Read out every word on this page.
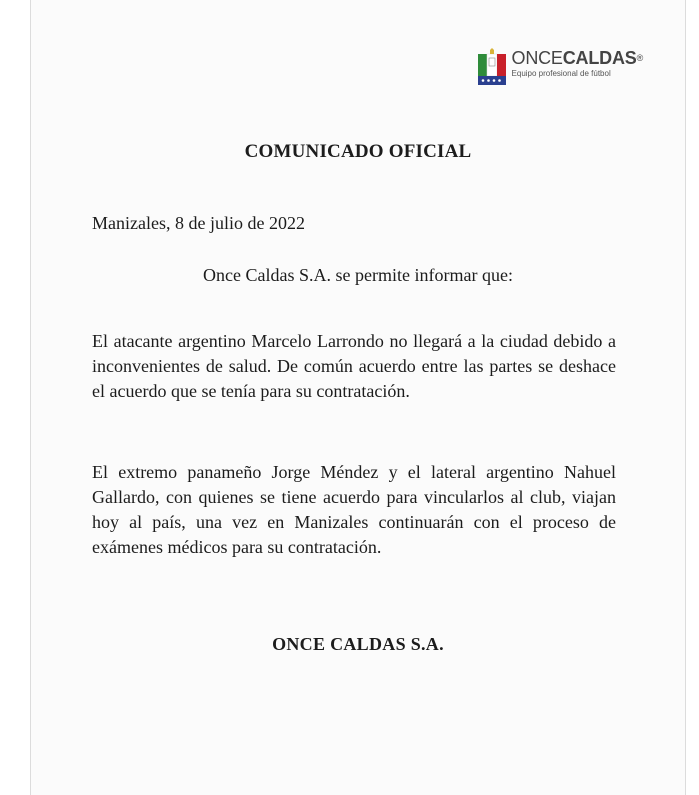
ONCECALDAS®
Equipo profesional de fútbol
COMUNICADO OFICIAL
Manizales, 8 de julio de 2022
Once Caldas S.A. se permite informar que:

El atacante argentino Marcelo Larrondo no llegará a la ciudad debido a inconvenientes de salud. De común acuerdo entre las partes se deshace el acuerdo que se tenía para su contratación.

El extremo panameño Jorge Méndez y el lateral argentino Nahuel Gallardo, con quienes se tiene acuerdo para vincularlos al club, viajan hoy al país, una vez en Manizales continuarán con el proceso de exámenes médicos para su contratación.

ONCE CALDAS S.A.
